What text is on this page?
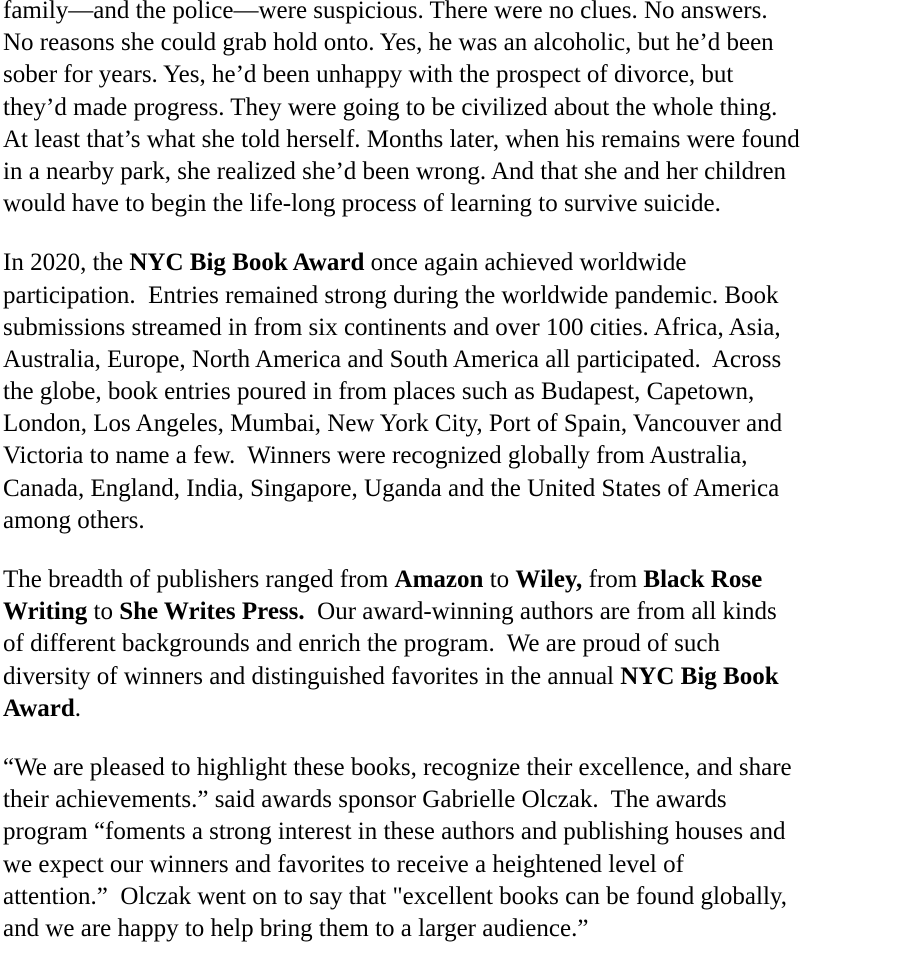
family—and the police—were suspicious. There were no clues. No answers.
No reasons she could grab hold onto. Yes, he was an alcoholic, but he’d been
sober for years. Yes, he’d been unhappy with the prospect of divorce, but
they’d made progress. They were going to be civilized about the whole thing.
At least that’s what she told herself. Months later, when his remains were found
in a nearby park, she realized she’d been wrong. And that she and her children
would have to begin the life-long process of learning to survive suicide.
In 2020, the NYC Big Book Award once again achieved worldwide
participation.  Entries remained strong during the worldwide pandemic. Book
submissions streamed in from six continents and over 100 cities. Africa, Asia,
Australia, Europe, North America and South America all participated.  Across
the globe, book entries poured in from places such as Budapest, Capetown,
London, Los Angeles, Mumbai, New York City, Port of Spain, Vancouver and
Victoria to name a few.  Winners were recognized globally from Australia,
Canada, England, India, Singapore, Uganda and the United States of America
among others.
The breadth of publishers ranged from Amazon to Wiley, from Black Rose
Writing to She Writes Press.  Our award-winning authors are from all kinds
of different backgrounds and enrich the program.  We are proud of such
diversity of winners and distinguished favorites in the annual NYC Big Book
Award.
“We are pleased to highlight these books, recognize their excellence, and share
their achievements.” said awards sponsor Gabrielle Olczak.  The awards
program “foments a strong interest in these authors and publishing houses and
we expect our winners and favorites to receive a heightened level of
attention.”  Olczak went on to say that "excellent books can be found globally,
and we are happy to help bring them to a larger audience.”
